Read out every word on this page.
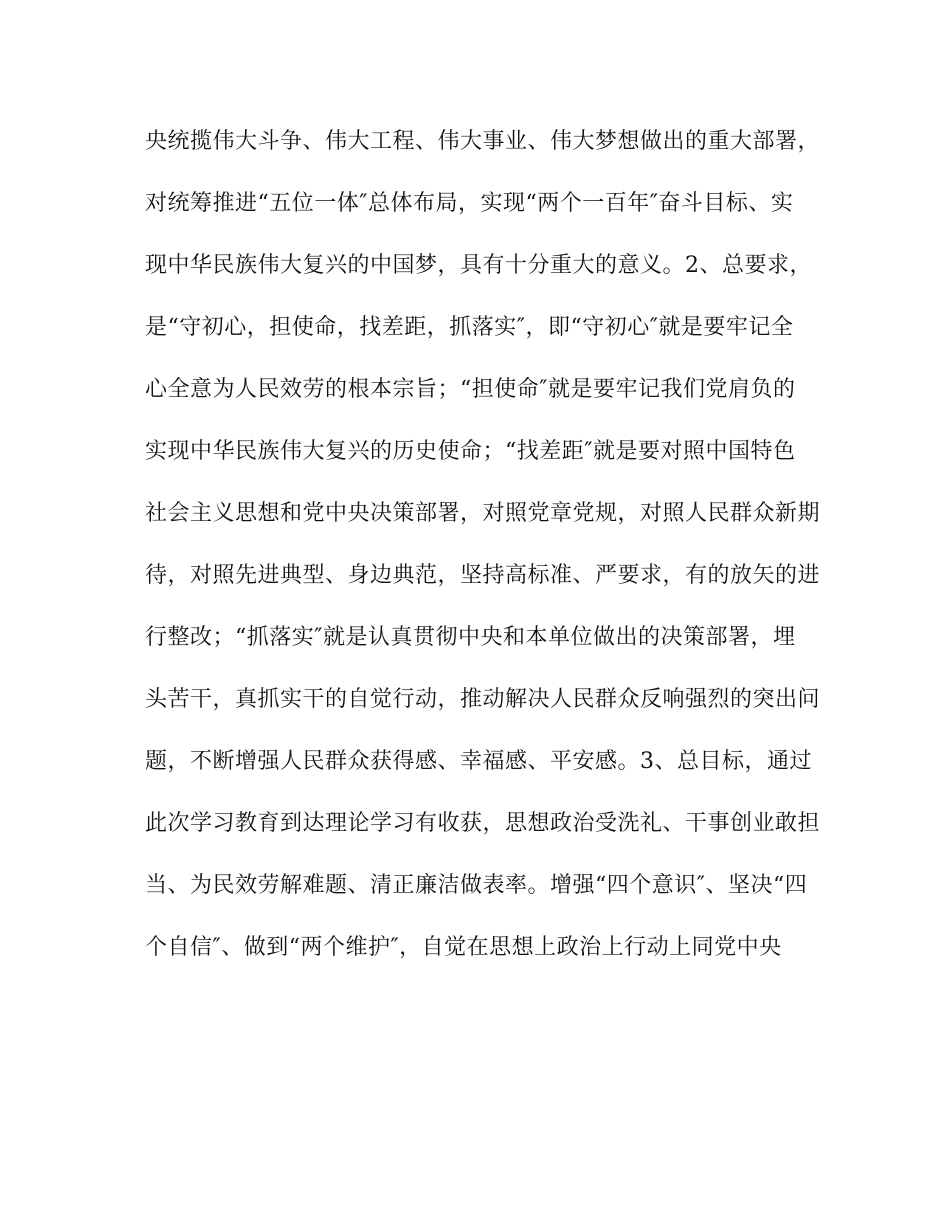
央统揽伟大斗争、伟大工程、伟大事业、伟大梦想做出的重大部署，
对统筹推进“五位一体″总体布局，实现“两个一百年″奋斗目标、实
现中华民族伟大复兴的中国梦，具有十分重大的意义。2、总要求，
是“守初心，担使命，找差距，抓落实″，即“守初心″就是要牢记全
心全意为人民效劳的根本宗旨；“担使命″就是要牢记我们党肩负的
实现中华民族伟大复兴的历史使命；“找差距″就是要对照中国特色
社会主义思想和党中央决策部署，对照党章党规，对照人民群众新期
待，对照先进典型、身边典范，坚持高标准、严要求，有的放矢的进
行整改；“抓落实″就是认真贯彻中央和本单位做出的决策部署，埋
头苦干，真抓实干的自觉行动，推动解决人民群众反响强烈的突出问
题，不断增强人民群众获得感、幸福感、平安感。3、总目标，通过
此次学习教育到达理论学习有收获，思想政治受洗礼、干事创业敢担
当、为民效劳解难题、清正廉洁做表率。增强“四个意识″、坚决“四
个自信″、做到“两个维护″，自觉在思想上政治上行动上同党中央
